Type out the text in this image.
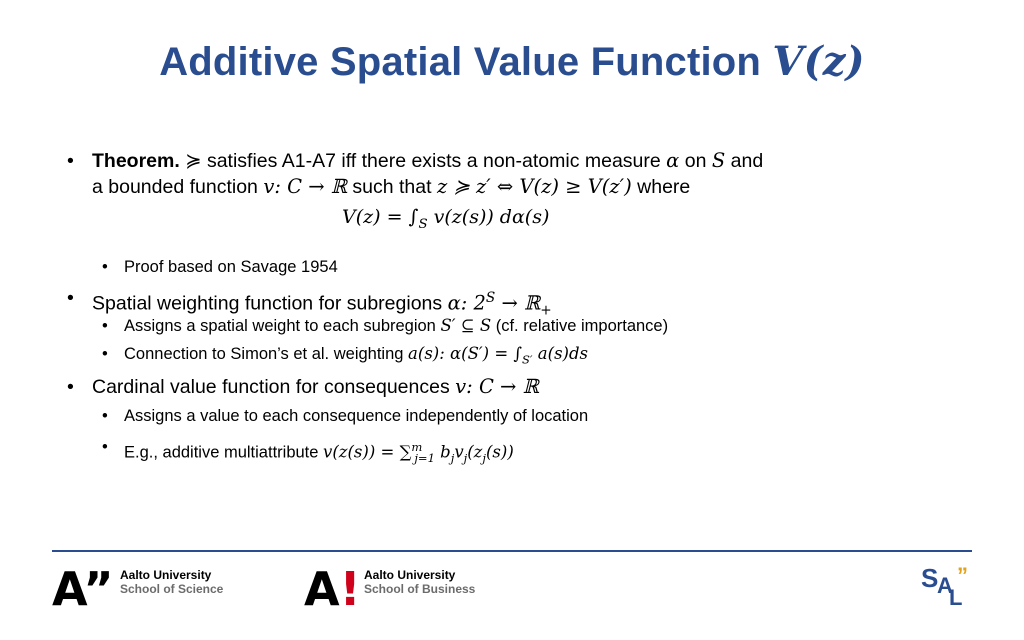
Additive Spatial Value Function V(z)
• Theorem. ≽ satisfies A1-A7 iff there exists a non-atomic measure α on S and
a bounded function v: C → ℝ such that z ≽ z′ ⇔ V(z) ≥ V(z′) where
$V(z) = \int_S$ v(z(s)) dα(s)
• Proof based on Savage 1954
• Spatial weighting function for subregions α: $2^S$ → ℝ$_+$
• Assigns a spatial weight to each subregion S′ ⊆ S (cf. relative importance)
• Connection to Simon’s et al. weighting a(s): $\alpha(S') = \int_{S'}$ a(s)ds
• Cardinal value function for consequences v: C → ℝ
• Assigns a value to each consequence independently of location
• E.g., additive multiattribute v(z(s)) = ∑$^m_{j=1}$ $b_jv_j(z_j(s))$
A” Aalto University
School of Science A! Aalto University
School of Business	S
A
L
”
